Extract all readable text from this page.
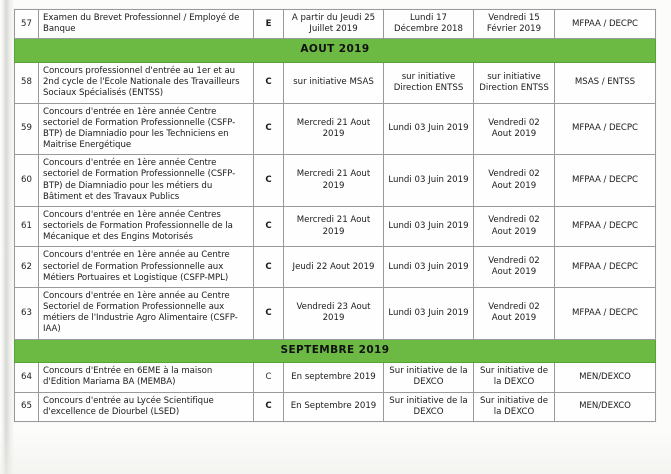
57	Examen du Brevet Professionnel / Employé de Banque	E	A partir du Jeudi 25 Juillet 2019	Lundi 17 Décembre 2018	Vendredi 15 Février 2019	MFPAA / DECPC
AOUT 2019						
58	Concours professionnel d'entrée au 1er et au 2nd cycle de l'Ecole Nationale des Travailleurs Sociaux Spécialisés (ENTSS)	C	sur initiative MSAS	sur initiative Direction ENTSS	sur initiative Direction ENTSS	MSAS / ENTSS
59	Concours d'entrée en 1ère année Centre sectoriel de Formation Professionnelle (CSFP-BTP) de Diamniadio pour les Techniciens en Maitrise Energétique	C	Mercredi 21 Aout 2019	Lundi 03 Juin 2019	Vendredi 02 Aout 2019	MFPAA / DECPC
60	Concours d'entrée en 1ère année Centre sectoriel de Formation Professionnelle (CSFP-BTP) de Diamniadio pour les métiers du Bâtiment et des Travaux Publics	C	Mercredi 21 Aout 2019	Lundi 03 Juin 2019	Vendredi 02 Aout 2019	MFPAA / DECPC
61	Concours d'entrée en 1ère année Centres sectoriels de Formation Professionnelle de la Mécanique et des Engins Motorisés	C	Mercredi 21 Aout 2019	Lundi 03 Juin 2019	Vendredi 02 Aout 2019	MFPAA / DECPC
62	Concours d'entrée en 1ère année au Centre sectoriel de Formation Professionnelle aux Métiers Portuaires et Logistique (CSFP-MPL)	C	Jeudi 22 Aout 2019	Lundi 03 Juin 2019	Vendredi 02 Aout 2019	MFPAA / DECPC
63	Concours d'entrée en 1ère année au Centre Sectoriel de Formation Professionnelle aux métiers de l'Industrie Agro Alimentaire (CSFP-IAA)	C	Vendredi 23 Aout 2019	Lundi 03 Juin 2019	Vendredi 02 Aout 2019	MFPAA / DECPC
SEPTEMBRE 2019						
64	Concours d'Entrée en 6EME à la maison d'Edition Mariama BA (MEMBA)	C	En septembre 2019	Sur initiative de la DEXCO	Sur initiative de la DEXCO	MEN/DEXCO
65	Concours d'entrée au Lycée Scientifique d'excellence de Diourbel (LSED)	C	En Septembre 2019	Sur initiative de la DEXCO	Sur initiative de la DEXCO	MEN/DEXCO
